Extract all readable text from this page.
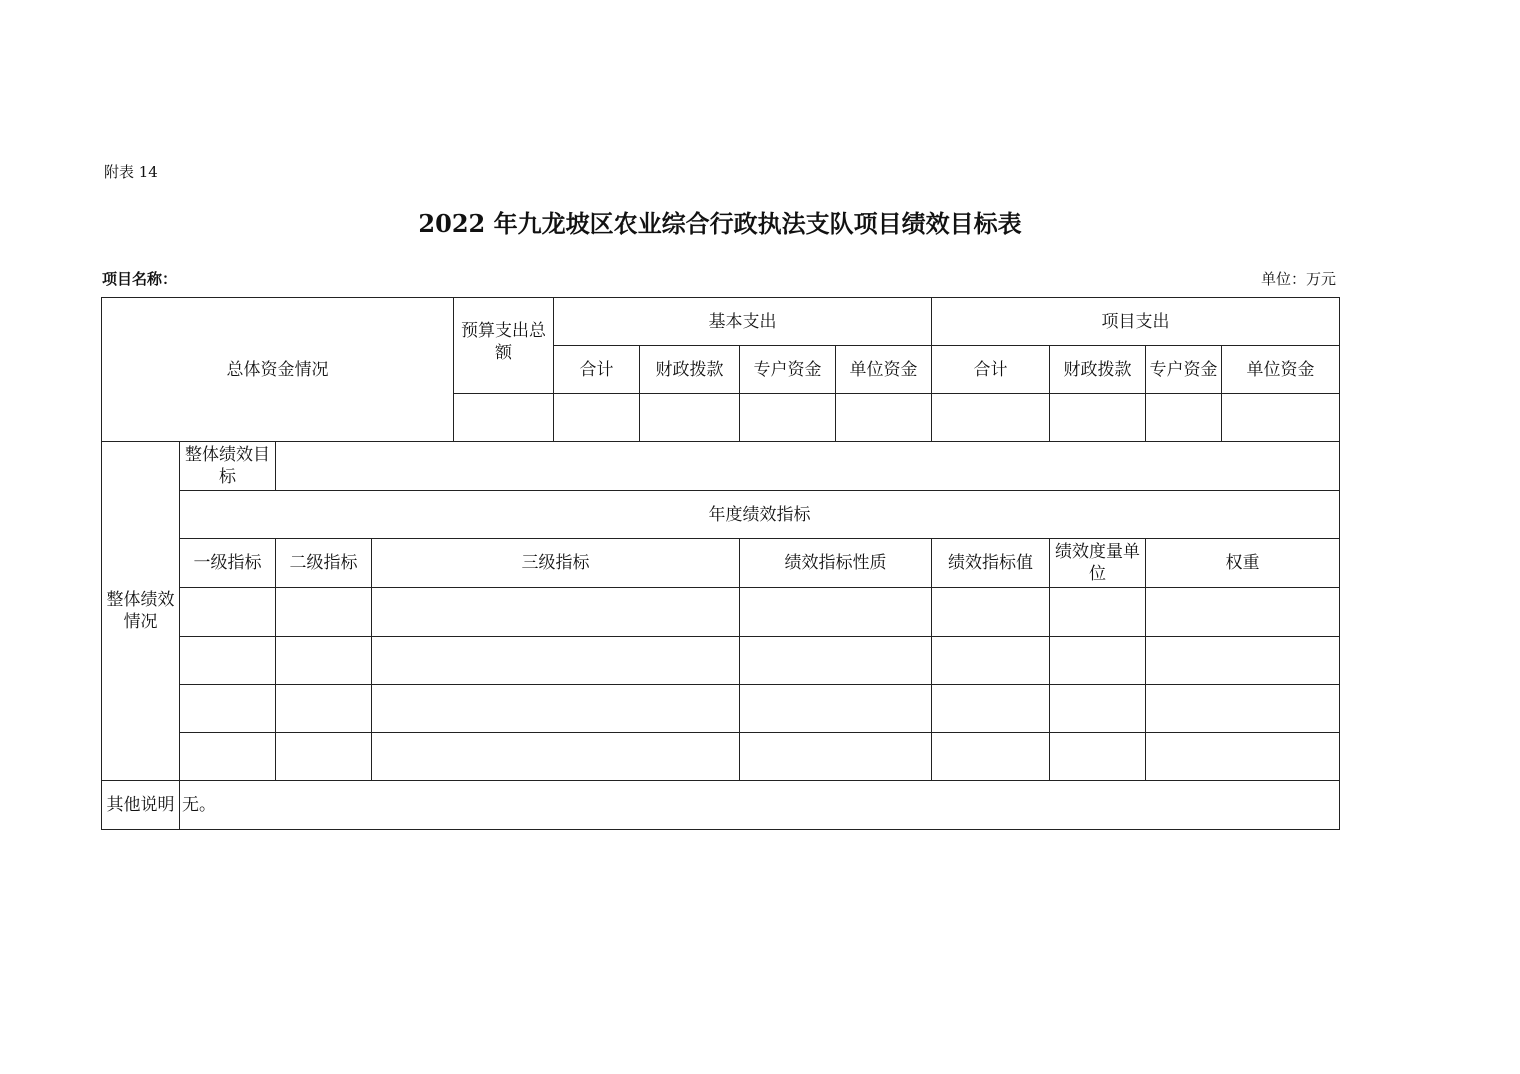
附表 14
2022 年九龙坡区农业综合行政执法支队项目绩效目标表
项目名称：	单位：万元
总体资金情况				预算支出总额	基本支出				项目支出			
					合计	财政拨款	专户资金	单位资金	合计	财政拨款	专户资金	单位资金

整体绩效情况	整体绩效目标											
	年度绩效指标											
	一级指标	二级指标	三级指标				绩效指标性质		绩效指标值	绩效度量单位	权重	

其他说明	无。											
